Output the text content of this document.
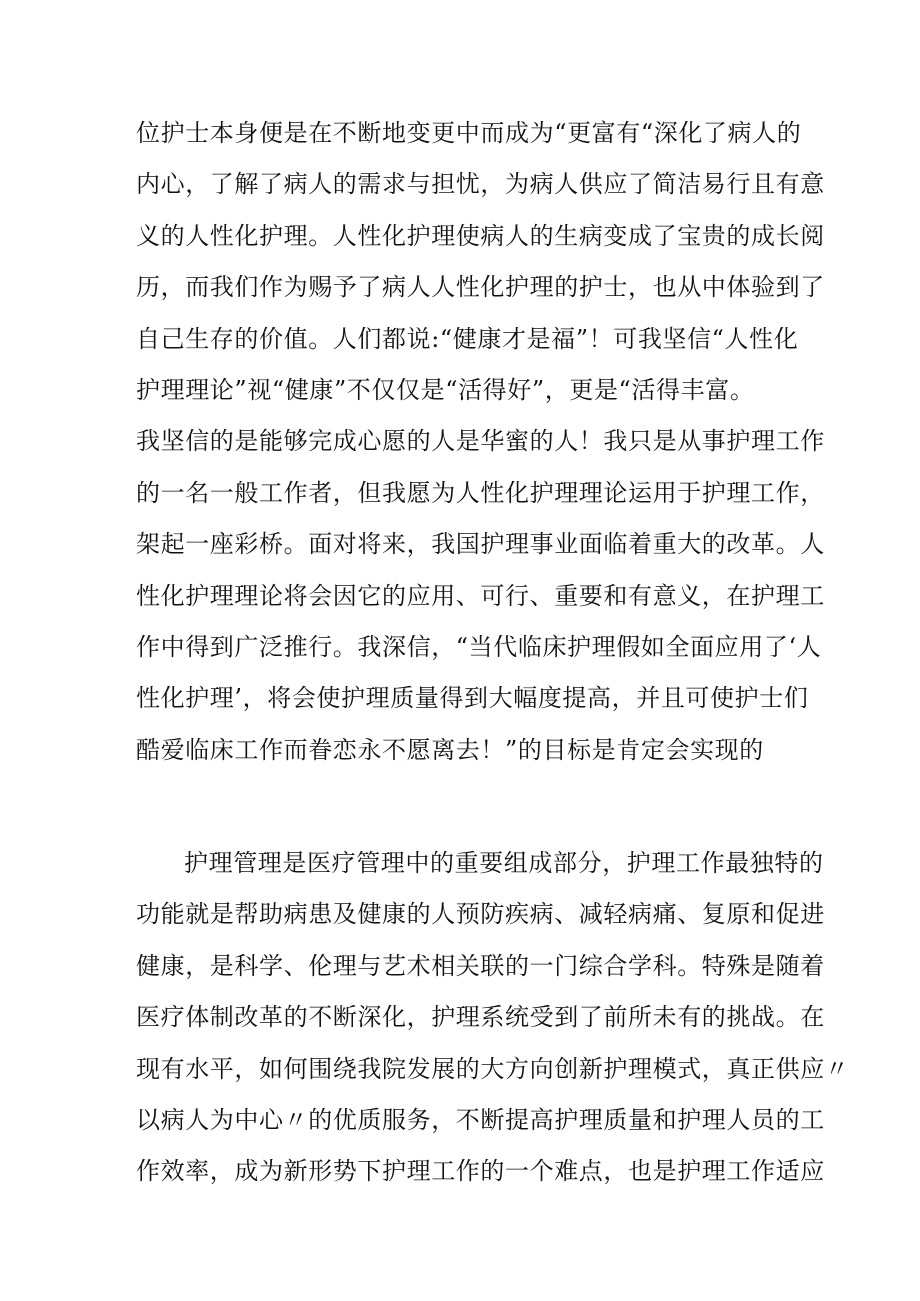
位护士本身便是在不断地变更中而成为“更富有“深化了病人的
内心，了解了病人的需求与担忧，为病人供应了简洁易行且有意
义的人性化护理。人性化护理使病人的生病变成了宝贵的成长阅
历，而我们作为赐予了病人人性化护理的护士，也从中体验到了
自己生存的价值。人们都说:“健康才是福”！可我坚信“人性化
护理理论”视“健康”不仅仅是“活得好”，更是“活得丰富。
我坚信的是能够完成心愿的人是华蜜的人！我只是从事护理工作
的一名一般工作者，但我愿为人性化护理理论运用于护理工作，
架起一座彩桥。面对将来，我国护理事业面临着重大的改革。人
性化护理理论将会因它的应用、可行、重要和有意义，在护理工
作中得到广泛推行。我深信，“当代临床护理假如全面应用了‘人
性化护理’，将会使护理质量得到大幅度提高，并且可使护士们
酷爱临床工作而眷恋永不愿离去！”的目标是肯定会实现的
护理管理是医疗管理中的重要组成部分，护理工作最独特的
功能就是帮助病患及健康的人预防疾病、减轻病痛、复原和促进
健康，是科学、伦理与艺术相关联的一门综合学科。特殊是随着
医疗体制改革的不断深化，护理系统受到了前所未有的挑战。在
现有水平，如何围绕我院发展的大方向创新护理模式，真正供应〃
以病人为中心〃的优质服务，不断提高护理质量和护理人员的工
作效率，成为新形势下护理工作的一个难点，也是护理工作适应
